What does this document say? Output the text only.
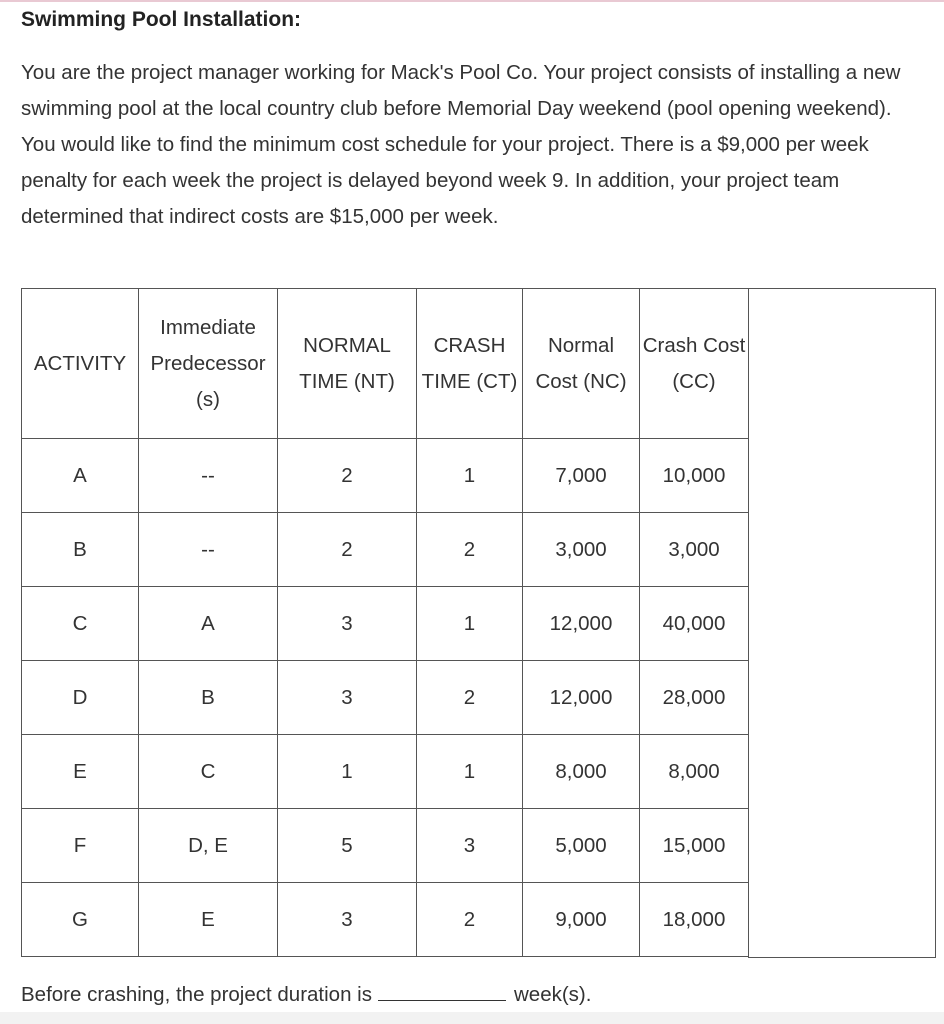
Swimming Pool Installation:

You are the project manager working for Mack's Pool Co. Your project consists of installing a new swimming pool at the local country club before Memorial Day weekend (pool opening weekend). You would like to find the minimum cost schedule for your project. There is a $9,000 per week penalty for each week the project is delayed beyond week 9. In addition, your project team determined that indirect costs are $15,000 per week.

ACTIVITY	Immediate Predecessor (s)	NORMAL TIME (NT)	CRASH TIME (CT)	Normal Cost (NC)	Crash Cost (CC)
A	--	2	1	7,000	10,000
B	--	2	2	3,000	3,000
C	A	3	1	12,000	40,000
D	B	3	2	12,000	28,000
E	C	1	1	8,000	8,000
F	D, E	5	3	5,000	15,000
G	E	3	2	9,000	18,000

Before crashing, the project duration is	week(s).
